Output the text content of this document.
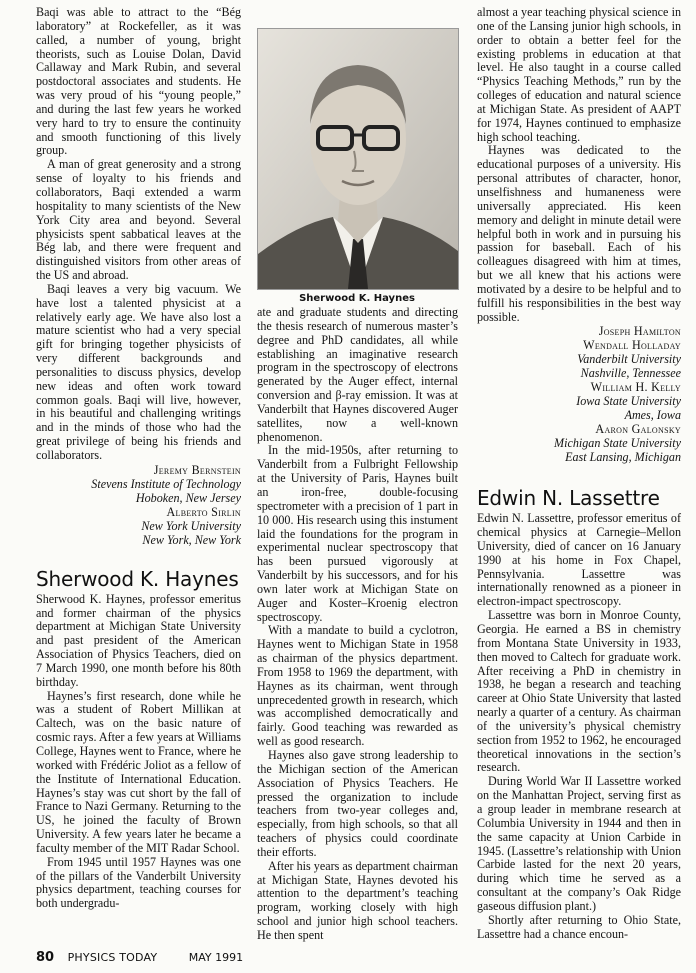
Baqi was able to attract to the “Bég laboratory” at Rockefeller, as it was called, a number of young, bright theorists, such as Louise Dolan, David Callaway and Mark Rubin, and several postdoctoral associates and students. He was very proud of his “young people,” and during the last few years he worked very hard to try to ensure the continuity and smooth functioning of this lively group.

A man of great generosity and a strong sense of loyalty to his friends and collaborators, Baqi extended a warm hospitality to many scientists of the New York City area and beyond. Several physicists spent sabbatical leaves at the Bég lab, and there were frequent and distinguished visitors from other areas of the US and abroad.

Baqi leaves a very big vacuum. We have lost a talented physicist at a relatively early age. We have also lost a mature scientist who had a very special gift for bringing together physicists of very different backgrounds and personalities to discuss physics, develop new ideas and often work toward common goals. Baqi will live, however, in his beautiful and challenging writings and in the minds of those who had the great privilege of being his friends and collaborators.

Jeremy Bernstein

Stevens Institute of Technology

Hoboken, New Jersey

Alberto Sirlin

New York University

New York, New York

Sherwood K. Haynes

Sherwood K. Haynes, professor emeritus and former chairman of the physics department at Michigan State University and past president of the American Association of Physics Teachers, died on 7 March 1990, one month before his 80th birthday.

Haynes’s first research, done while he was a student of Robert Millikan at Caltech, was on the basic nature of cosmic rays. After a few years at Williams College, Haynes went to France, where he worked with Frédéric Joliot as a fellow of the Institute of International Education. Haynes’s stay was cut short by the fall of France to Nazi Germany. Returning to the US, he joined the faculty of Brown University. A few years later he became a faculty member of the MIT Radar School.

From 1945 until 1957 Haynes was one of the pillars of the Vanderbilt University physics department, teaching courses for both undergradu-

Sherwood K. Haynes

ate and graduate students and directing the thesis research of numerous master’s degree and PhD candidates, all while establishing an imaginative research program in the spectroscopy of electrons generated by the Auger effect, internal conversion and β-ray emission. It was at Vanderbilt that Haynes discovered Auger satellites, now a well-known phenomenon.

In the mid-1950s, after returning to Vanderbilt from a Fulbright Fellowship at the University of Paris, Haynes built an iron-free, double-focusing spectrometer with a precision of 1 part in 10 000. His research using this instument laid the foundations for the program in experimental nuclear spectroscopy that has been pursued vigorously at Vanderbilt by his successors, and for his own later work at Michigan State on Auger and Koster–Kroenig electron spectroscopy.

With a mandate to build a cyclotron, Haynes went to Michigan State in 1958 as chairman of the physics department. From 1958 to 1969 the department, with Haynes as its chairman, went through unprecedented growth in research, which was accomplished democratically and fairly. Good teaching was rewarded as well as good research.

Haynes also gave strong leadership to the Michigan section of the American Association of Physics Teachers. He pressed the organization to include teachers from two-year colleges and, especially, from high schools, so that all teachers of physics could coordinate their efforts.

After his years as department chairman at Michigan State, Haynes devoted his attention to the department’s teaching program, working closely with high school and junior high school teachers. He then spent

almost a year teaching physical science in one of the Lansing junior high schools, in order to obtain a better feel for the existing problems in education at that level. He also taught in a course called “Physics Teaching Methods,” run by the colleges of education and natural science at Michigan State. As president of AAPT for 1974, Haynes continued to emphasize high school teaching.

Haynes was dedicated to the educational purposes of a university. His personal attributes of character, honor, unselfishness and humaneness were universally appreciated. His keen memory and delight in minute detail were helpful both in work and in pursuing his passion for baseball. Each of his colleagues disagreed with him at times, but we all knew that his actions were motivated by a desire to be helpful and to fulfill his responsibilities in the best way possible.

Joseph Hamilton

Wendall Holladay

Vanderbilt University

Nashville, Tennessee

William H. Kelly

Iowa State University

Ames, Iowa

Aaron Galonsky

Michigan State University

East Lansing, Michigan

Edwin N. Lassettre

Edwin N. Lassettre, professor emeritus of chemical physics at Carnegie–Mellon University, died of cancer on 16 January 1990 at his home in Fox Chapel, Pennsylvania. Lassettre was internationally renowned as a pioneer in electron-impact spectroscopy.

Lassettre was born in Monroe County, Georgia. He earned a BS in chemistry from Montana State University in 1933, then moved to Caltech for graduate work. After receiving a PhD in chemistry in 1938, he began a research and teaching career at Ohio State University that lasted nearly a quarter of a century. As chairman of the university’s physical chemistry section from 1952 to 1962, he encouraged theoretical innovations in the section’s research.

During World War II Lassettre worked on the Manhattan Project, serving first as a group leader in membrane research at Columbia University in 1944 and then in the same capacity at Union Carbide in 1945. (Lassettre’s relationship with Union Carbide lasted for the next 20 years, during which time he served as a consultant at the company’s Oak Ridge gaseous diffusion plant.)

Shortly after returning to Ohio State, Lassettre had a chance encoun-

80 PHYSICS TODAY	MAY 1991
